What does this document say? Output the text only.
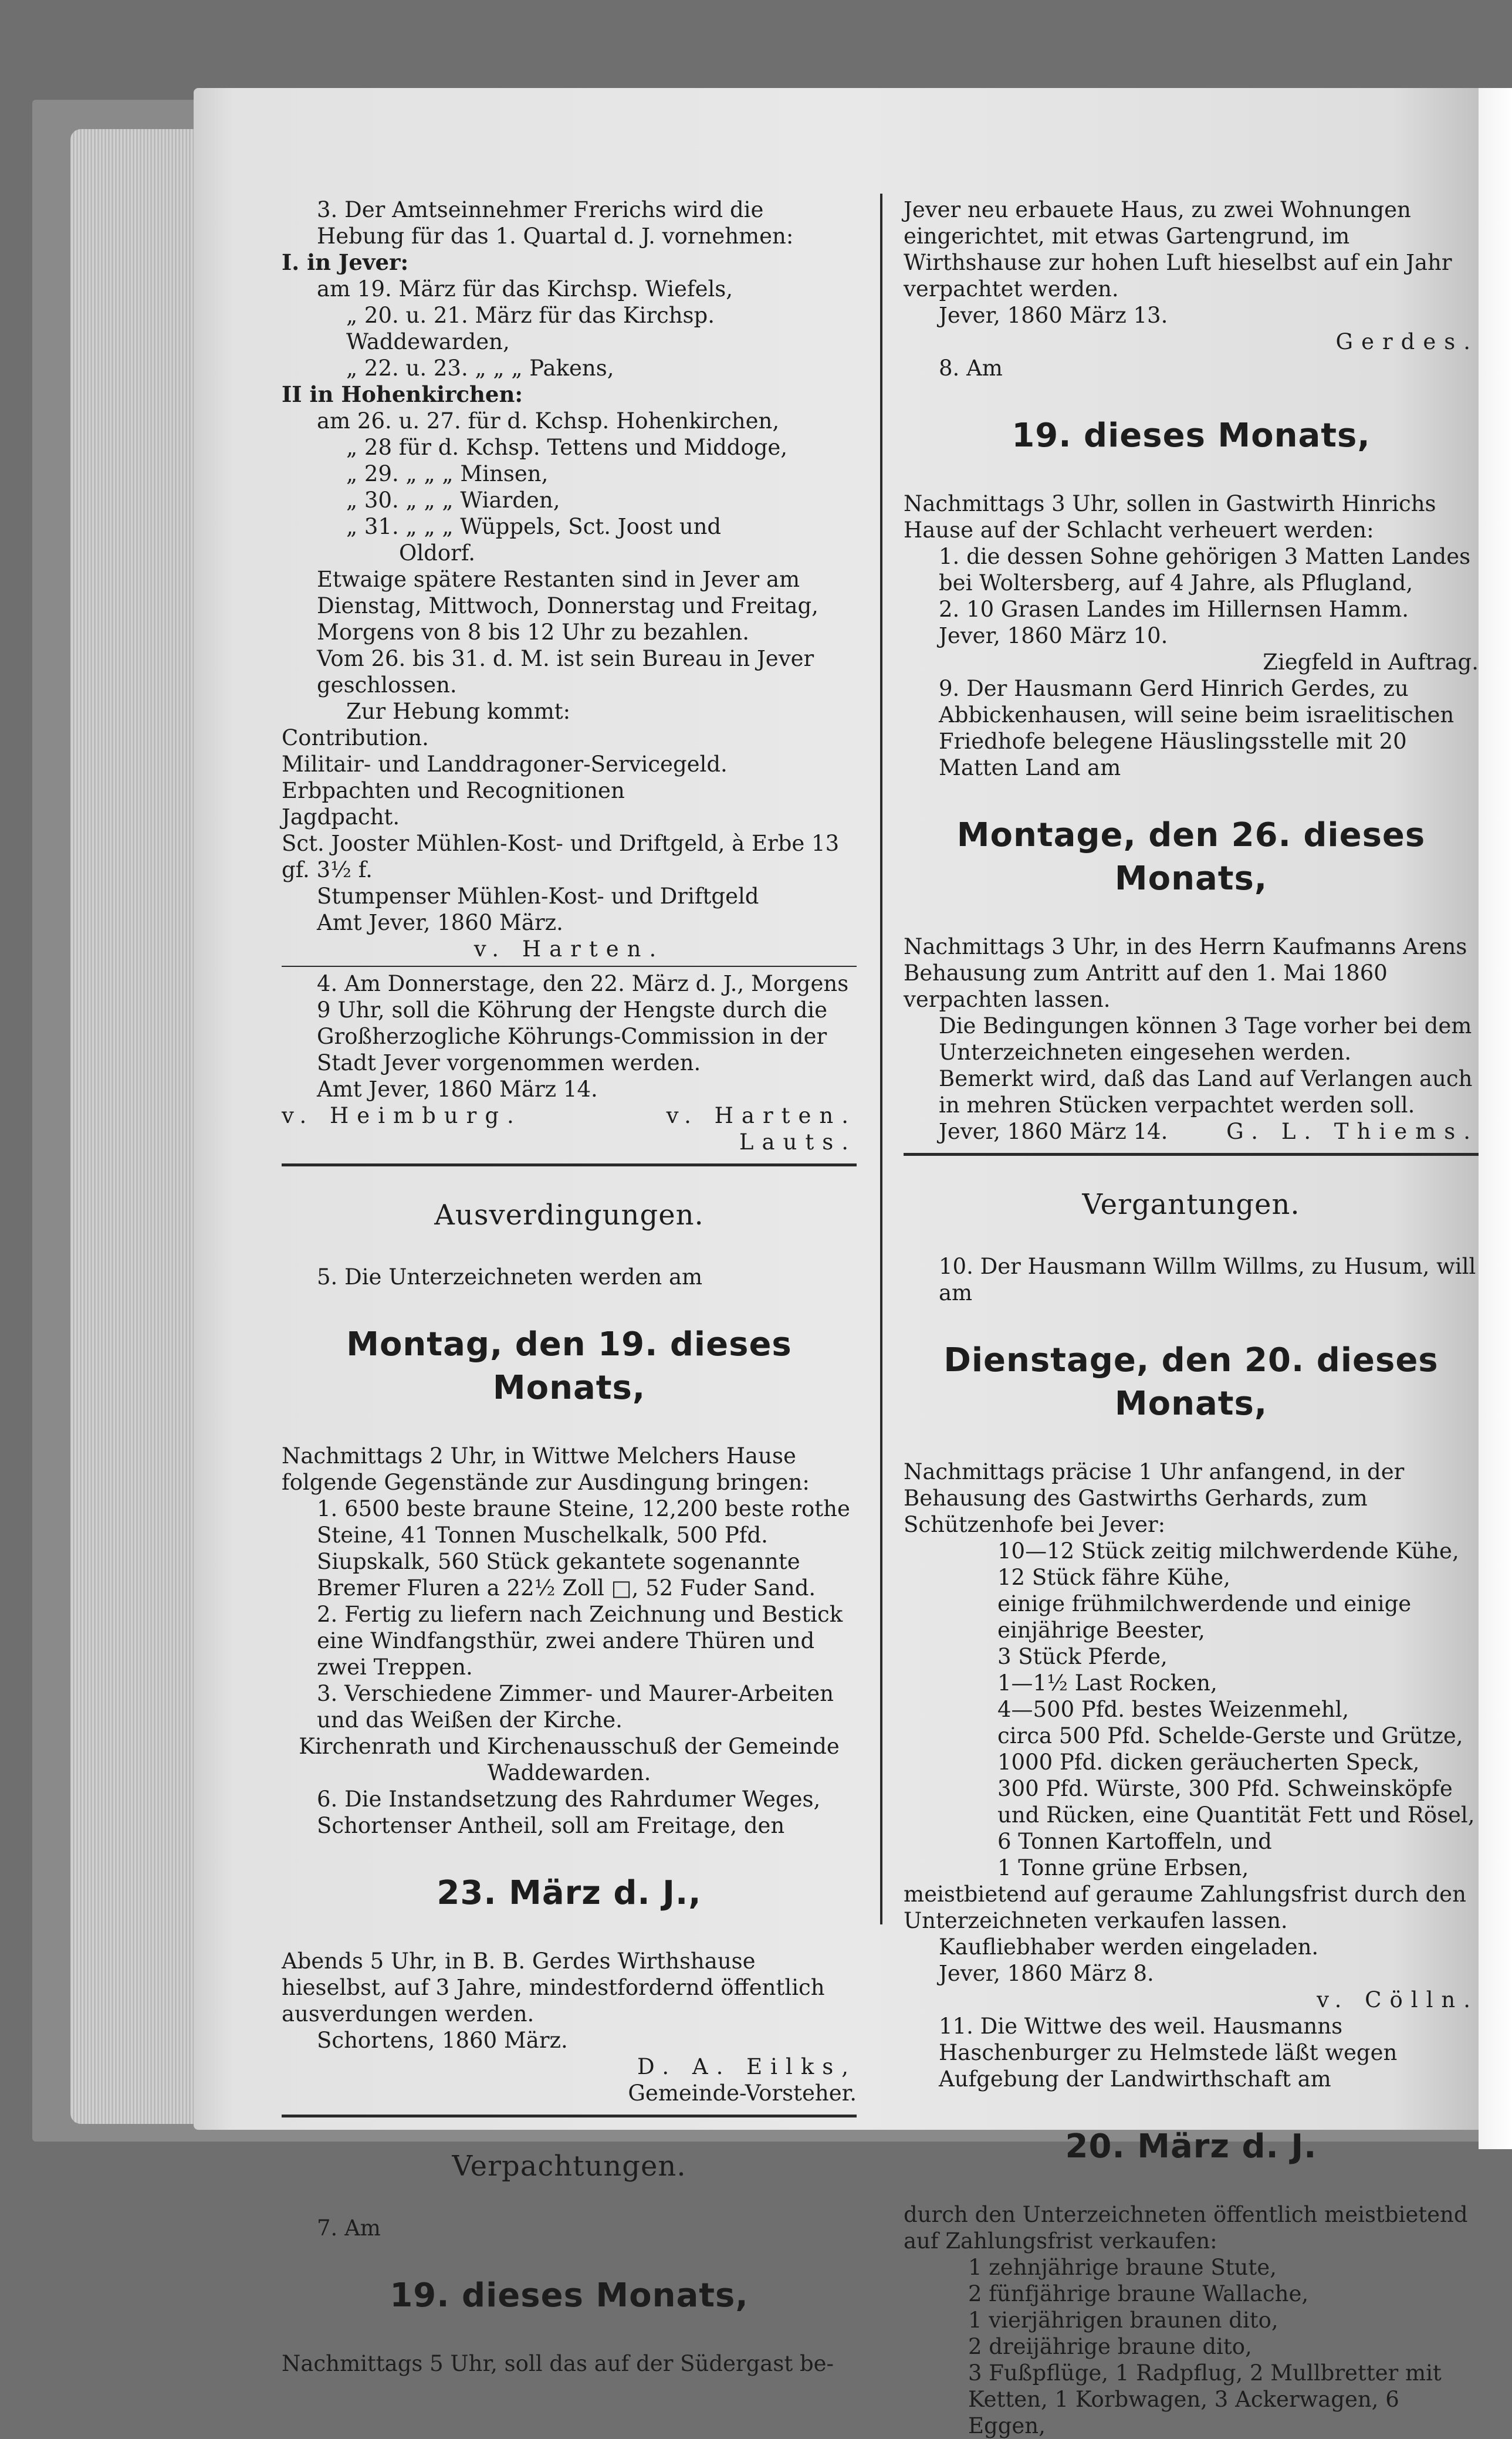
3. Der Amtseinnehmer Frerichs wird die Hebung für das 1. Quartal d. J. vornehmen:

I. in Jever:

am 19. März für das Kirchsp. Wiefels,

„ 20. u. 21. März für das Kirchsp. Waddewarden,

„ 22. u. 23. „ „ „ Pakens,

II in Hohenkirchen:

am 26. u. 27. für d. Kchsp. Hohenkirchen,

„ 28 für d. Kchsp. Tettens und Middoge,

„ 29. „ „ „ Minsen,

„ 30. „ „ „ Wiarden,

„ 31. „ „ „ Wüppels, Sct. Joost und

Oldorf.

Etwaige spätere Restanten sind in Jever am Dienstag, Mittwoch, Donnerstag und Freitag, Morgens von 8 bis 12 Uhr zu bezahlen.

Vom 26. bis 31. d. M. ist sein Bureau in Jever geschlossen.

Zur Hebung kommt:

Contribution.

Militair- und Landdragoner-Servicegeld.

Erbpachten und Recognitionen

Jagdpacht.

Sct. Jooster Mühlen-Kost- und Driftgeld, à Erbe 13 gf. 3½ f.

Stumpenser Mühlen-Kost- und Driftgeld

Amt Jever, 1860 März.

v. Harten.

4. Am Donnerstage, den 22. März d. J., Morgens 9 Uhr, soll die Köhrung der Hengste durch die Großherzogliche Köhrungs-Commission in der Stadt Jever vorgenommen werden.

Amt Jever, 1860 März 14.

v. Heimburg.	v. Harten.

Lauts.

Ausverdingungen.

5. Die Unterzeichneten werden am

Montag, den 19. dieses Monats,

Nachmittags 2 Uhr, in Wittwe Melchers Hause folgende Gegenstände zur Ausdingung bringen:

1. 6500 beste braune Steine, 12,200 beste rothe Steine, 41 Tonnen Muschelkalk, 500 Pfd. Siupskalk, 560 Stück gekantete sogenannte Bremer Fluren a 22½ Zoll □, 52 Fuder Sand.

2. Fertig zu liefern nach Zeichnung und Bestick eine Windfangsthür, zwei andere Thüren und zwei Treppen.

3. Verschiedene Zimmer- und Maurer-Arbeiten und das Weißen der Kirche.

Kirchenrath und Kirchenausschuß der Gemeinde Waddewarden.

6. Die Instandsetzung des Rahrdumer Weges, Schortenser Antheil, soll am Freitage, den

23. März d. J.,

Abends 5 Uhr, in B. B. Gerdes Wirthshause hieselbst, auf 3 Jahre, mindestfordernd öffentlich ausverdungen werden.

Schortens, 1860 März.

D. A. Eilks,

Gemeinde-Vorsteher.

Verpachtungen.

7. Am

19. dieses Monats,

Nachmittags 5 Uhr, soll das auf der Südergast be-

Jever neu erbauete Haus, zu zwei Wohnungen eingerichtet, mit etwas Gartengrund, im Wirthshause zur hohen Luft hieselbst auf ein Jahr verpachtet werden.

Jever, 1860 März 13.

Gerdes.

8. Am

19. dieses Monats,

Nachmittags 3 Uhr, sollen in Gastwirth Hinrichs Hause auf der Schlacht verheuert werden:

1. die dessen Sohne gehörigen 3 Matten Landes bei Woltersberg, auf 4 Jahre, als Pflugland,

2. 10 Grasen Landes im Hillernsen Hamm.

Jever, 1860 März 10.

Ziegfeld in Auftrag.

9. Der Hausmann Gerd Hinrich Gerdes, zu Abbickenhausen, will seine beim israelitischen Friedhofe belegene Häuslingsstelle mit 20 Matten Land am

Montage, den 26. dieses Monats,

Nachmittags 3 Uhr, in des Herrn Kaufmanns Arens Behausung zum Antritt auf den 1. Mai 1860 verpachten lassen.

Die Bedingungen können 3 Tage vorher bei dem Unterzeichneten eingesehen werden.

Bemerkt wird, daß das Land auf Verlangen auch in mehren Stücken verpachtet werden soll.

Jever, 1860 März 14.	G. L. Thiems.

Vergantungen.

10. Der Hausmann Willm Willms, zu Husum, will am

Dienstage, den 20. dieses Monats,

Nachmittags präcise 1 Uhr anfangend, in der Behausung des Gastwirths Gerhards, zum Schützenhofe bei Jever:

10—12 Stück zeitig milchwerdende Kühe,

12 Stück fähre Kühe,

einige frühmilchwerdende und einige einjährige Beester,

3 Stück Pferde,

1—1½ Last Rocken,

4—500 Pfd. bestes Weizenmehl,

circa 500 Pfd. Schelde-Gerste und Grütze,

1000 Pfd. dicken geräucherten Speck,

300 Pfd. Würste, 300 Pfd. Schweinsköpfe und Rücken, eine Quantität Fett und Rösel,

6 Tonnen Kartoffeln, und

1 Tonne grüne Erbsen,

meistbietend auf geraume Zahlungsfrist durch den Unterzeichneten verkaufen lassen.

Kaufliebhaber werden eingeladen.

Jever, 1860 März 8.

v. Cölln.

11. Die Wittwe des weil. Hausmanns Haschenburger zu Helmstede läßt wegen Aufgebung der Landwirthschaft am

20. März d. J.

durch den Unterzeichneten öffentlich meistbietend auf Zahlungsfrist verkaufen:

1 zehnjährige braune Stute,

2 fünfjährige braune Wallache,

1 vierjährigen braunen dito,

2 dreijährige braune dito,

3 Fußpflüge, 1 Radpflug, 2 Mullbretter mit Ketten, 1 Korbwagen, 3 Ackerwagen, 6 Eggen,
